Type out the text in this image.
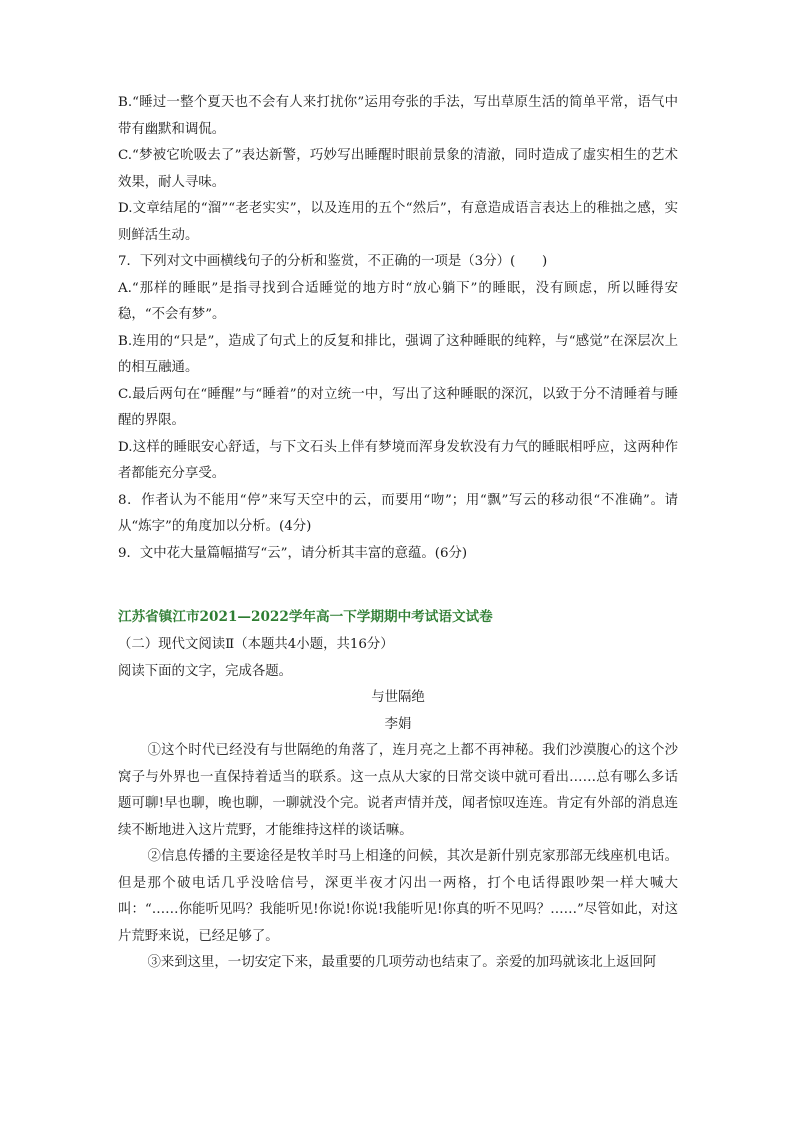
B.“睡过一整个夏天也不会有人来打扰你”运用夸张的手法，写出草原生活的简单平常，语气中带有幽默和调侃。

C.“梦被它吮吸去了”表达新警，巧妙写出睡醒时眼前景象的清澈，同时造成了虚实相生的艺术效果，耐人寻味。

D.文章结尾的“溜”“老老实实”，以及连用的五个“然后”，有意造成语言表达上的稚拙之感，实则鲜活生动。

7．下列对文中画横线句子的分析和鉴赏，不正确的一项是（3分）(　　)

A.“那样的睡眠”是指寻找到合适睡觉的地方时“放心躺下”的睡眠，没有顾虑，所以睡得安稳，“不会有梦”。

B.连用的“只是”，造成了句式上的反复和排比，强调了这种睡眠的纯粹，与“感觉”在深层次上的相互融通。

C.最后两句在“睡醒”与“睡着”的对立统一中，写出了这种睡眠的深沉，以致于分不清睡着与睡醒的界限。

D.这样的睡眠安心舒适，与下文石头上伴有梦境而浑身发软没有力气的睡眠相呼应，这两种作者都能充分享受。

8．作者认为不能用“停”来写天空中的云，而要用“吻”；用“飘”写云的移动很“不准确”。请从“炼字”的角度加以分析。(4分)

9．文中花大量篇幅描写“云”，请分析其丰富的意蕴。(6分)

江苏省镇江市2021—2022学年高一下学期期中考试语文试卷

（二）现代文阅读Ⅱ（本题共4小题，共16分）

阅读下面的文字，完成各题。

与世隔绝

李娟

①这个时代已经没有与世隔绝的角落了，连月亮之上都不再神秘。我们沙漠腹心的这个沙窝子与外界也一直保持着适当的联系。这一点从大家的日常交谈中就可看出……总有哪么多话题可聊!早也聊，晚也聊，一聊就没个完。说者声情并茂，闻者惊叹连连。肯定有外部的消息连续不断地进入这片荒野，才能维持这样的谈话嘛。

②信息传播的主要途径是牧羊时马上相逢的问候，其次是新什别克家那部无线座机电话。但是那个破电话几乎没啥信号，深更半夜才闪出一两格，打个电话得跟吵架一样大喊大叫：“……你能听见吗？我能听见!你说!你说!我能听见!你真的听不见吗？……”尽管如此，对这片荒野来说，已经足够了。

③来到这里，一切安定下来，最重要的几项劳动也结束了。亲爱的加玛就该北上返回阿
